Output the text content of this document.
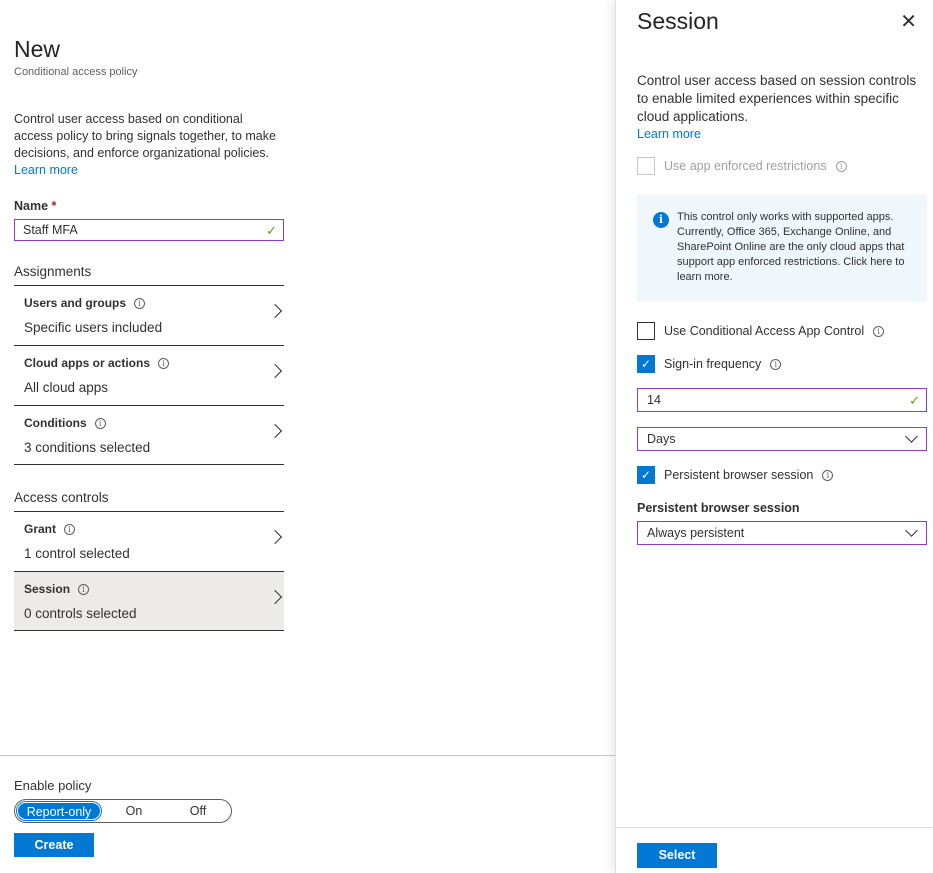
New
Conditional access policy
Control user access based on conditional access policy to bring signals together, to make decisions, and enforce organizational policies. Learn more
Name *
Staff MFA	✓
Assignments
Users and groups	i
Specific users included
Cloud apps or actions	i
All cloud apps
Conditions	i
3 conditions selected
Access controls
Grant	i
1 control selected
Session	i
0 controls selected
Enable policy
Report-only	On	Off
Create
Session	✕
Control user access based on session controls to enable limited experiences within specific cloud applications.
Learn more
Use app enforced restrictions	i
i	This control only works with supported apps. Currently, Office 365, Exchange Online, and SharePoint Online are the only cloud apps that support app enforced restrictions. Click here to learn more.
Use Conditional Access App Control	i
✓	Sign-in frequency	i
14	✓
Days
✓	Persistent browser session	i
Persistent browser session
Always persistent
Select
